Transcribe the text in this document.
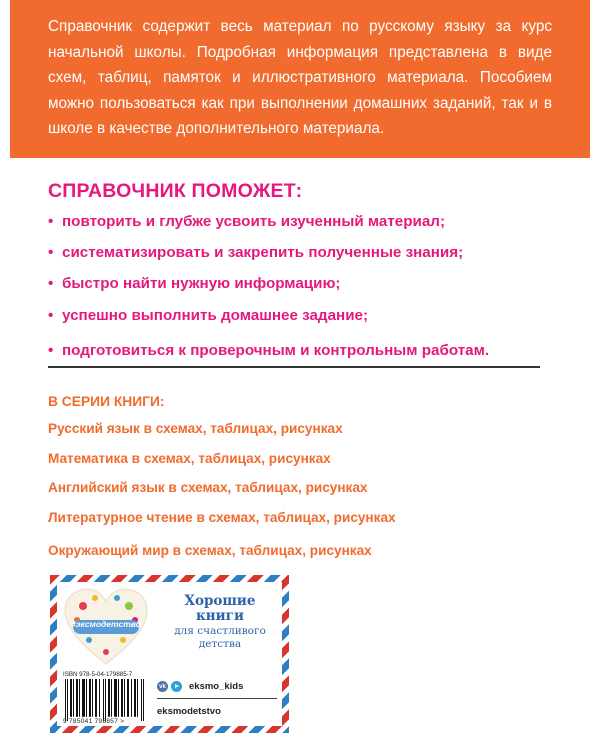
Справочник содержит весь материал по русскому языку за курс начальной школы. Подробная информация представлена в виде схем, таблиц, памяток и иллюстративного материала. Пособием можно пользоваться как при выполнении домашних заданий, так и в школе в качестве дополнительного материала.

СПРАВОЧНИК ПОМОЖЕТ:
• повторить и глубже усвоить изученный материал;
• систематизировать и закрепить полученные знания;
• быстро найти нужную информацию;
• успешно выполнить домашнее задание;
• подготовиться к проверочным и контрольным работам.
В СЕРИИ КНИГИ:
Русский язык в схемах, таблицах, рисунках
Математика в схемах, таблицах, рисунках
Английский язык в схемах, таблицах, рисунках
Литературное чтение в схемах, таблицах, рисунках
Окружающий мир в схемах, таблицах, рисунках
#эксмодетство
Хорошие
книги
для счастливого
детства
ISBN 978-5-04-179885-7
9 785041 798857 >
vk	➤	eksmo_kids
eksmodetstvo
